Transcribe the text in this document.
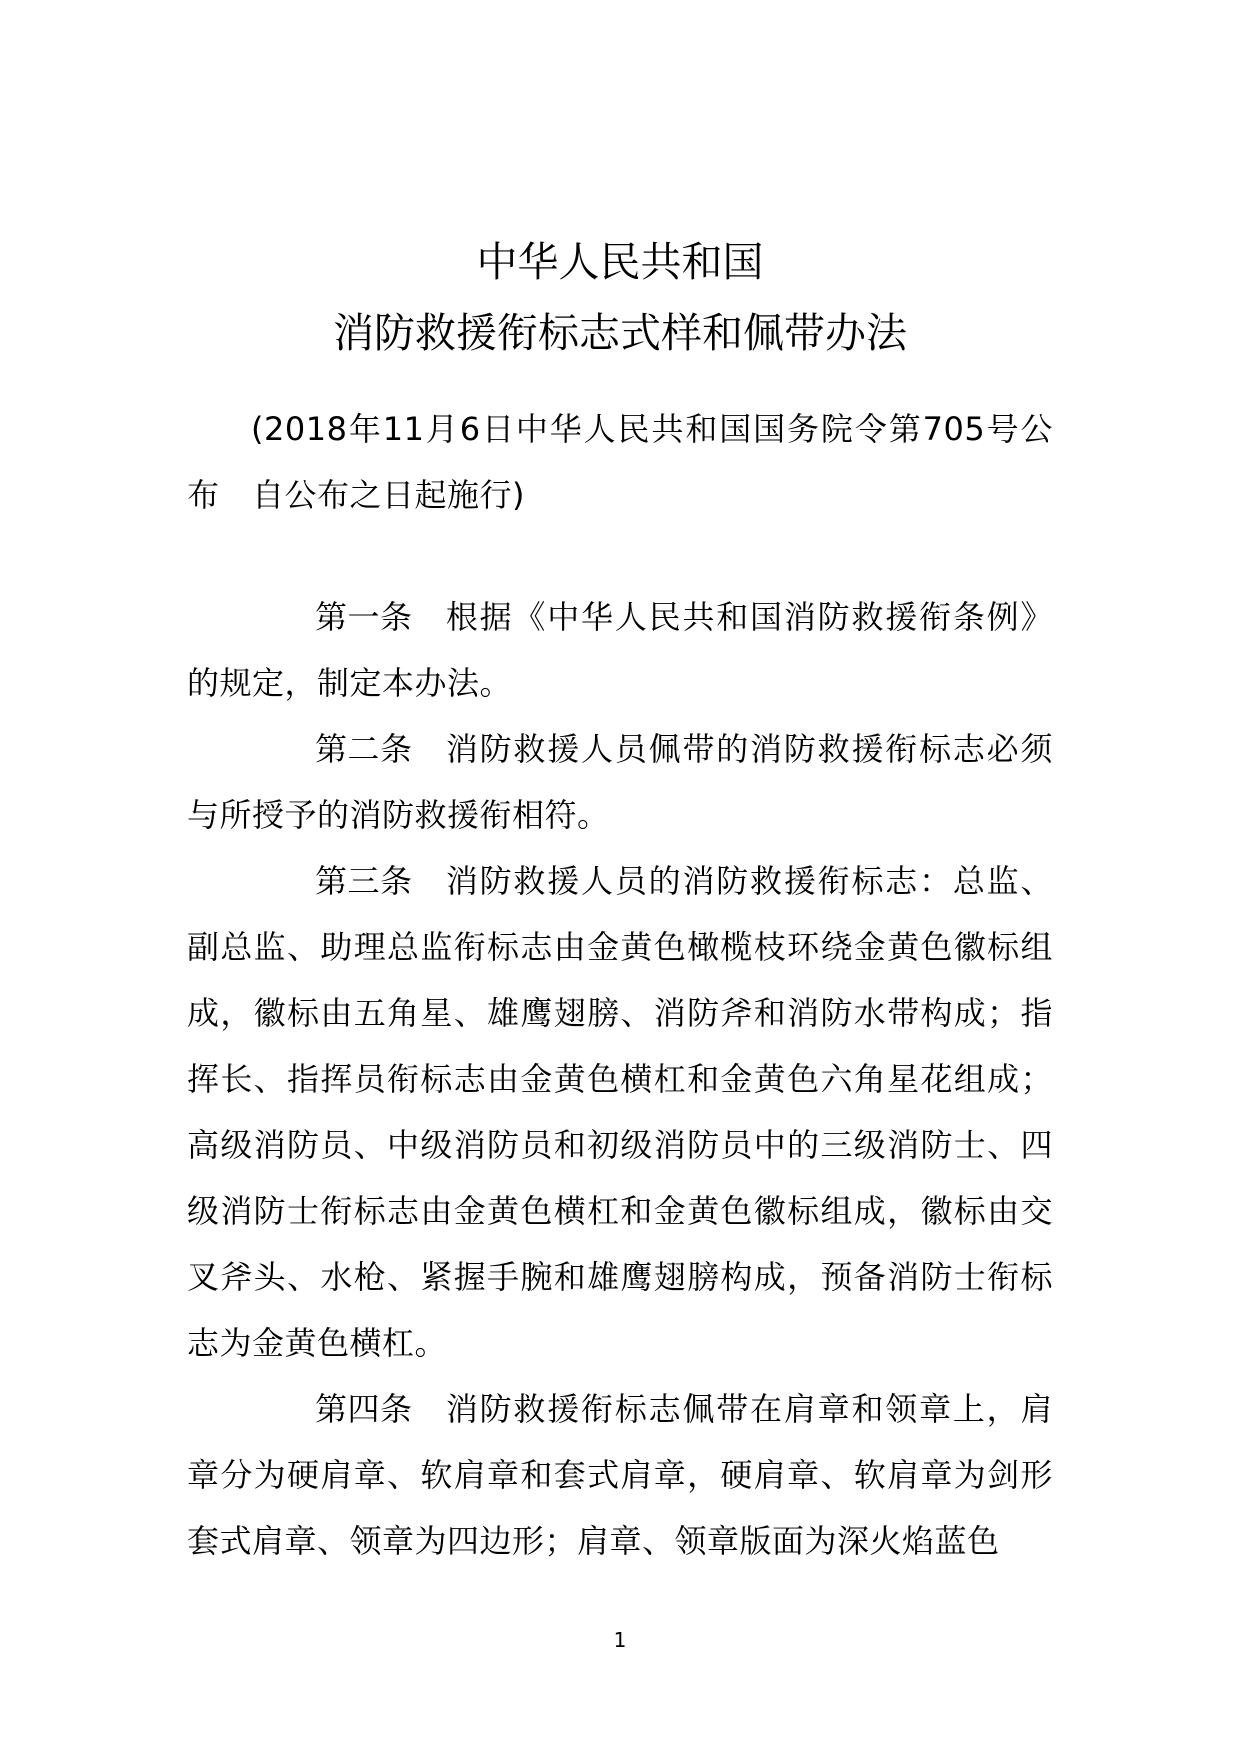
中华人民共和国
消防救援衔标志式样和佩带办法

(2018年11月6日中华人民共和国国务院令第705号公布　自公布之日起施行)

第一条 根据《中华人民共和国消防救援衔条例》的规定，制定本办法。

第二条 消防救援人员佩带的消防救援衔标志必须与所授予的消防救援衔相符。

第三条 消防救援人员的消防救援衔标志：总监、副总监、助理总监衔标志由金黄色橄榄枝环绕金黄色徽标组成，徽标由五角星、雄鹰翅膀、消防斧和消防水带构成；指挥长、指挥员衔标志由金黄色横杠和金黄色六角星花组成；高级消防员、中级消防员和初级消防员中的三级消防士、四级消防士衔标志由金黄色横杠和金黄色徽标组成，徽标由交叉斧头、水枪、紧握手腕和雄鹰翅膀构成，预备消防士衔标志为金黄色横杠。

第四条 消防救援衔标志佩带在肩章和领章上，肩章分为硬肩章、软肩章和套式肩章，硬肩章、软肩章为剑形套式肩章、领章为四边形；肩章、领章版面为深火焰蓝色

1
